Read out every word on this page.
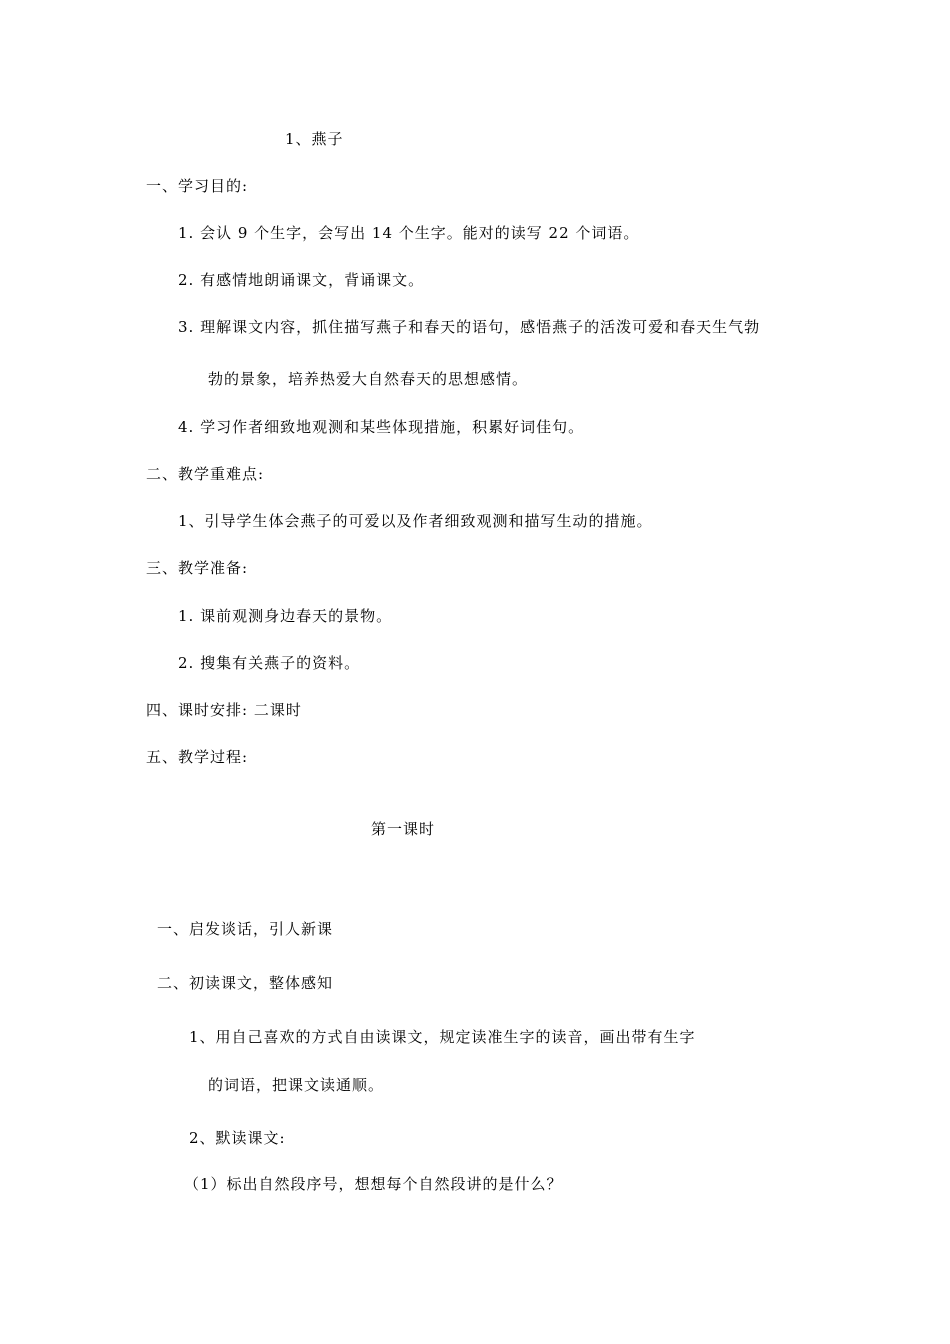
1、燕子
一、学习目的:
1. 会认 9 个生字，会写出 14 个生字。能对的读写 22 个词语。
2. 有感情地朗诵课文，背诵课文。
3. 理解课文内容，抓住描写燕子和春天的语句，感悟燕子的活泼可爱和春天生气勃
勃的景象，培养热爱大自然春天的思想感情。
4. 学习作者细致地观测和某些体现措施，积累好词佳句。
二、教学重难点:
1、引导学生体会燕子的可爱以及作者细致观测和描写生动的措施。
三、教学准备:
1. 课前观测身边春天的景物。
2. 搜集有关燕子的资料。
四、课时安排: 二课时
五、教学过程:
第一课时
一、启发谈话，引人新课
二、初读课文，整体感知
1、用自己喜欢的方式自由读课文，规定读准生字的读音，画出带有生字
的词语，把课文读通顺。
2、默读课文:
（1）标出自然段序号，想想每个自然段讲的是什么？
